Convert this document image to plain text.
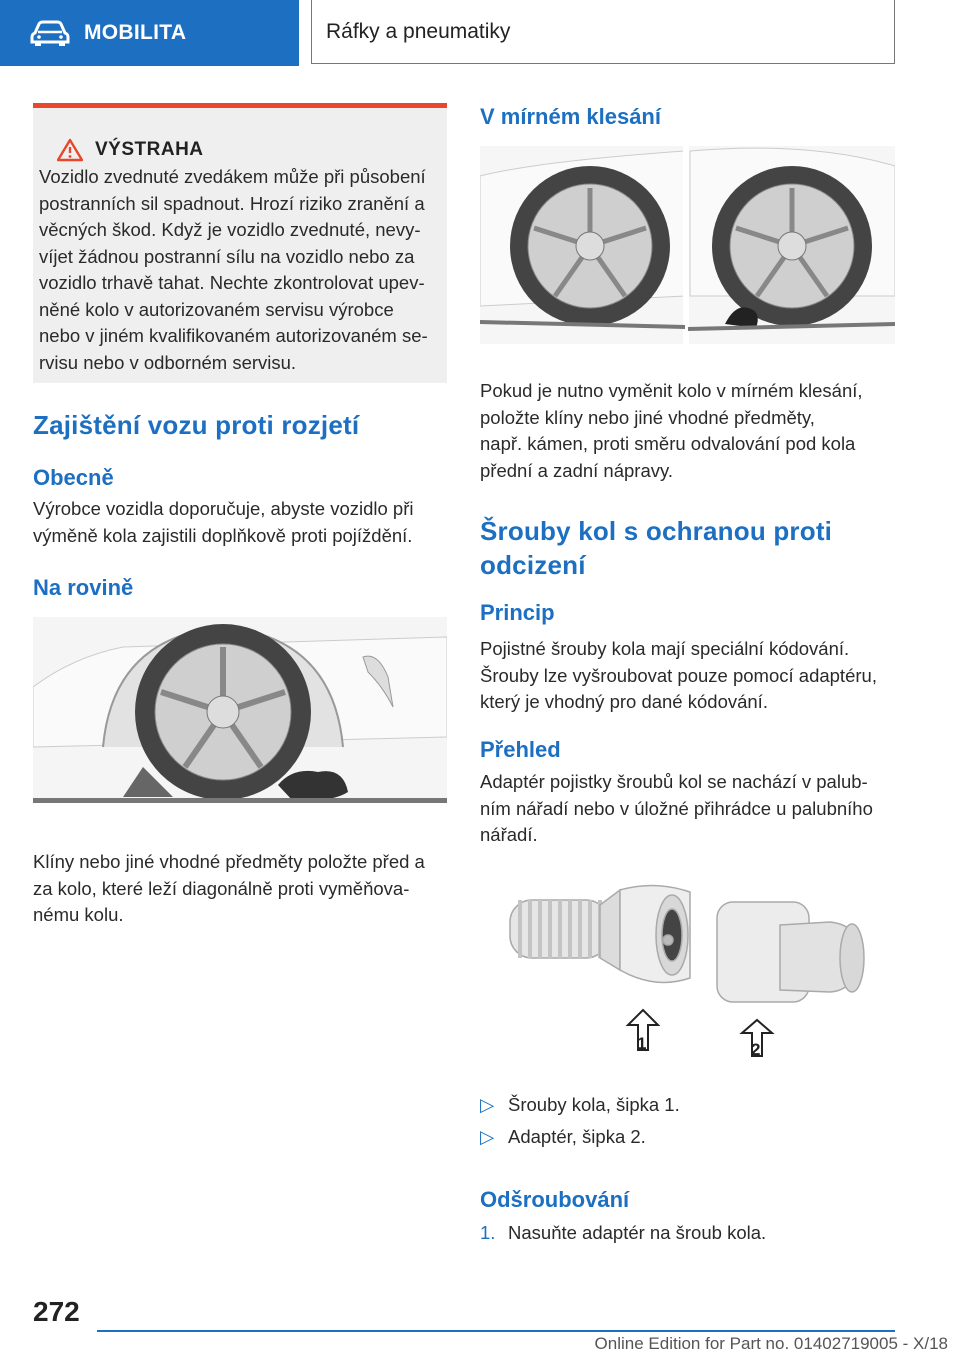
MOBILITA	Ráfky a pneumatiky
VÝSTRAHA
Vozidlo zvednuté zvedákem může při působení
postranních sil spadnout. Hrozí riziko zranění a
věcných škod. Když je vozidlo zvednuté, nevy-
víjet žádnou postranní sílu na vozidlo nebo za
vozidlo trhavě tahat. Nechte zkontrolovat upev-
něné kolo v autorizovaném servisu výrobce
nebo v jiném kvalifikovaném autorizovaném se-
rvisu nebo v odborném servisu.
Zajištění vozu proti rozjetí
Obecně
Výrobce vozidla doporučuje, abyste vozidlo při
výměně kola zajistili doplňkově proti pojíždění.
Na rovině
Klíny nebo jiné vhodné předměty položte před a
za kolo, které leží diagonálně proti vyměňova-
nému kolu.
V mírném klesání
Pokud je nutno vyměnit kolo v mírném klesání,
položte klíny nebo jiné vhodné předměty,
např. kámen, proti směru odvalování pod kola
přední a zadní nápravy.
Šrouby kol s ochranou proti
odcizení
Princip
Pojistné šrouby kola mají speciální kódování.
Šrouby lze vyšroubovat pouze pomocí adaptéru,
který je vhodný pro dané kódování.
Přehled
Adaptér pojistky šroubů kol se nachází v palub-
ním nářadí nebo v úložné přihrádce u palubního
nářadí.
1	2
▷ Šrouby kola, šipka 1.
▷ Adaptér, šipka 2.
Odšroubování
1. Nasuňte adaptér na šroub kola.
272
Online Edition for Part no. 01402719005 - X/18
